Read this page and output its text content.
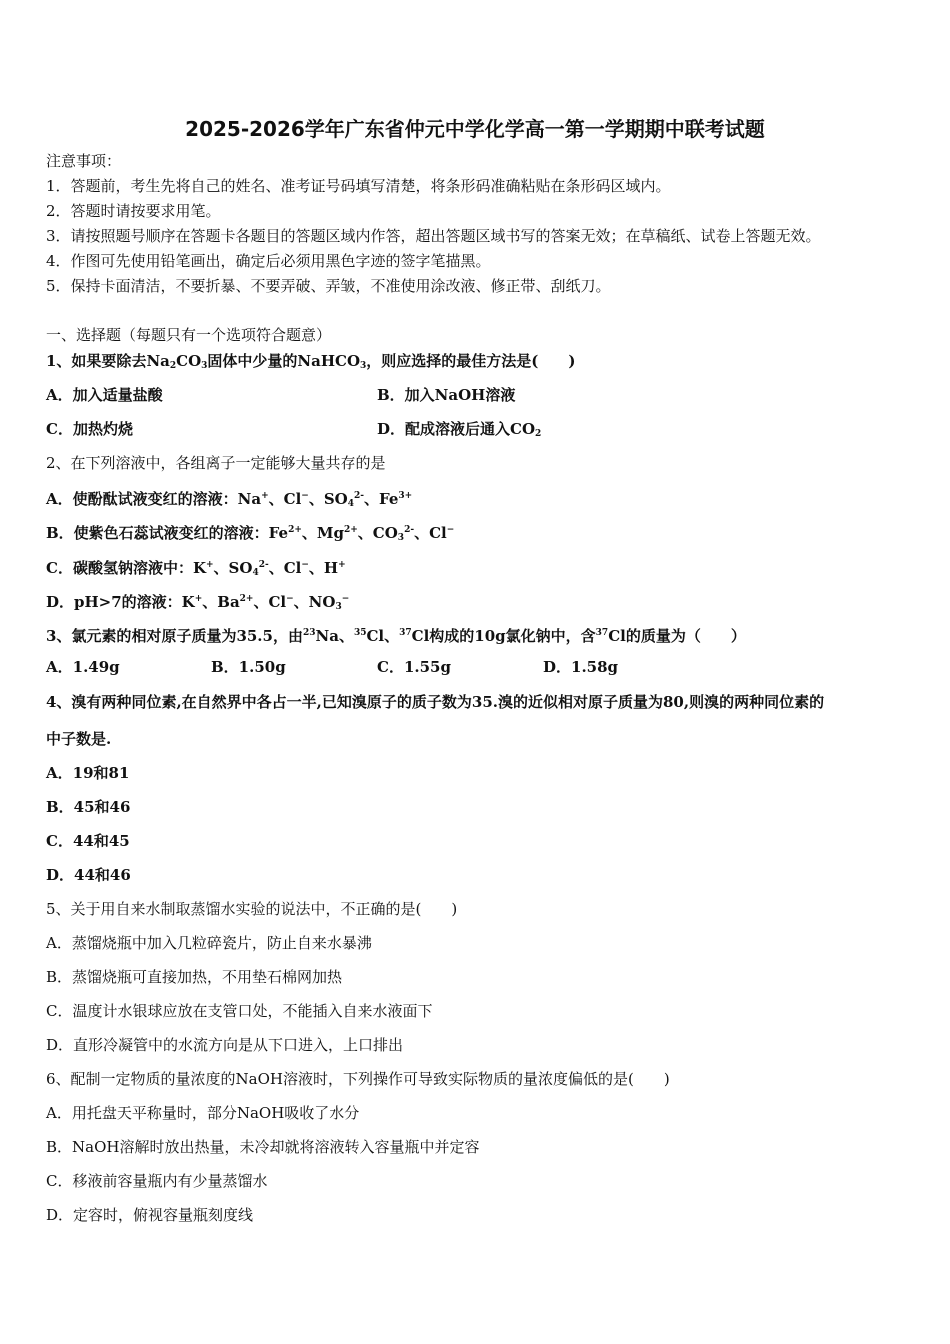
2025-2026学年广东省仲元中学化学高一第一学期期中联考试题
注意事项：
1．答题前，考生先将自己的姓名、准考证号码填写清楚，将条形码准确粘贴在条形码区域内。
2．答题时请按要求用笔。
3．请按照题号顺序在答题卡各题目的答题区域内作答，超出答题区域书写的答案无效；在草稿纸、试卷上答题无效。
4．作图可先使用铅笔画出，确定后必须用黑色字迹的签字笔描黑。
5．保持卡面清洁，不要折暴、不要弄破、弄皱，不准使用涂改液、修正带、刮纸刀。
一、选择题（每题只有一个选项符合题意）
1、如果要除去$Na_2CO_3$固体中少量的NaHCO$_3$，则应选择的最佳方法是(　　)
A．加入适量盐酸	B．加入NaOH溶液
C．加热灼烧	D．配成溶液后通入$CO_2$
2、在下列溶液中，各组离子一定能够大量共存的是
A．使酚酞试液变红的溶液：Na+、Cl−、$SO_4^{2-}$、$Fe^{3+}$
B．使紫色石蕊试液变红的溶液：$Fe^{2+}$、$Mg^{2+}$、$CO_3^{2-}$、Cl−
C．碳酸氢钠溶液中：K+、$SO_4^{2-}$、Cl−、H+
D．pH>7的溶液：K+、$Ba^{2+}$、Cl−、$NO_3^-$
3、氯元素的相对原子质量为35.5，由$^{23}$Na、$^{35}$Cl、$^{37}$Cl构成的10g氯化钠中，含$^{37}$Cl的质量为（　　）
A．1.49g	B．1.50g	C．1.55g	D．1.58g
4、溴有两种同位素,在自然界中各占一半,已知溴原子的质子数为35.溴的近似相对原子质量为80,则溴的两种同位素的
中子数是.
A．19和81
B．45和46
C．44和45
D．44和46
5、关于用自来水制取蒸馏水实验的说法中，不正确的是(　　)
A．蒸馏烧瓶中加入几粒碎瓷片，防止自来水暴沸
B．蒸馏烧瓶可直接加热，不用垫石棉网加热
C．温度计水银球应放在支管口处，不能插入自来水液面下
D．直形冷凝管中的水流方向是从下口进入，上口排出
6、配制一定物质的量浓度的NaOH溶液时，下列操作可导致实际物质的量浓度偏低的是(　　)
A．用托盘天平称量时，部分NaOH吸收了水分
B．NaOH溶解时放出热量，未冷却就将溶液转入容量瓶中并定容
C．移液前容量瓶内有少量蒸馏水
D．定容时，俯视容量瓶刻度线
